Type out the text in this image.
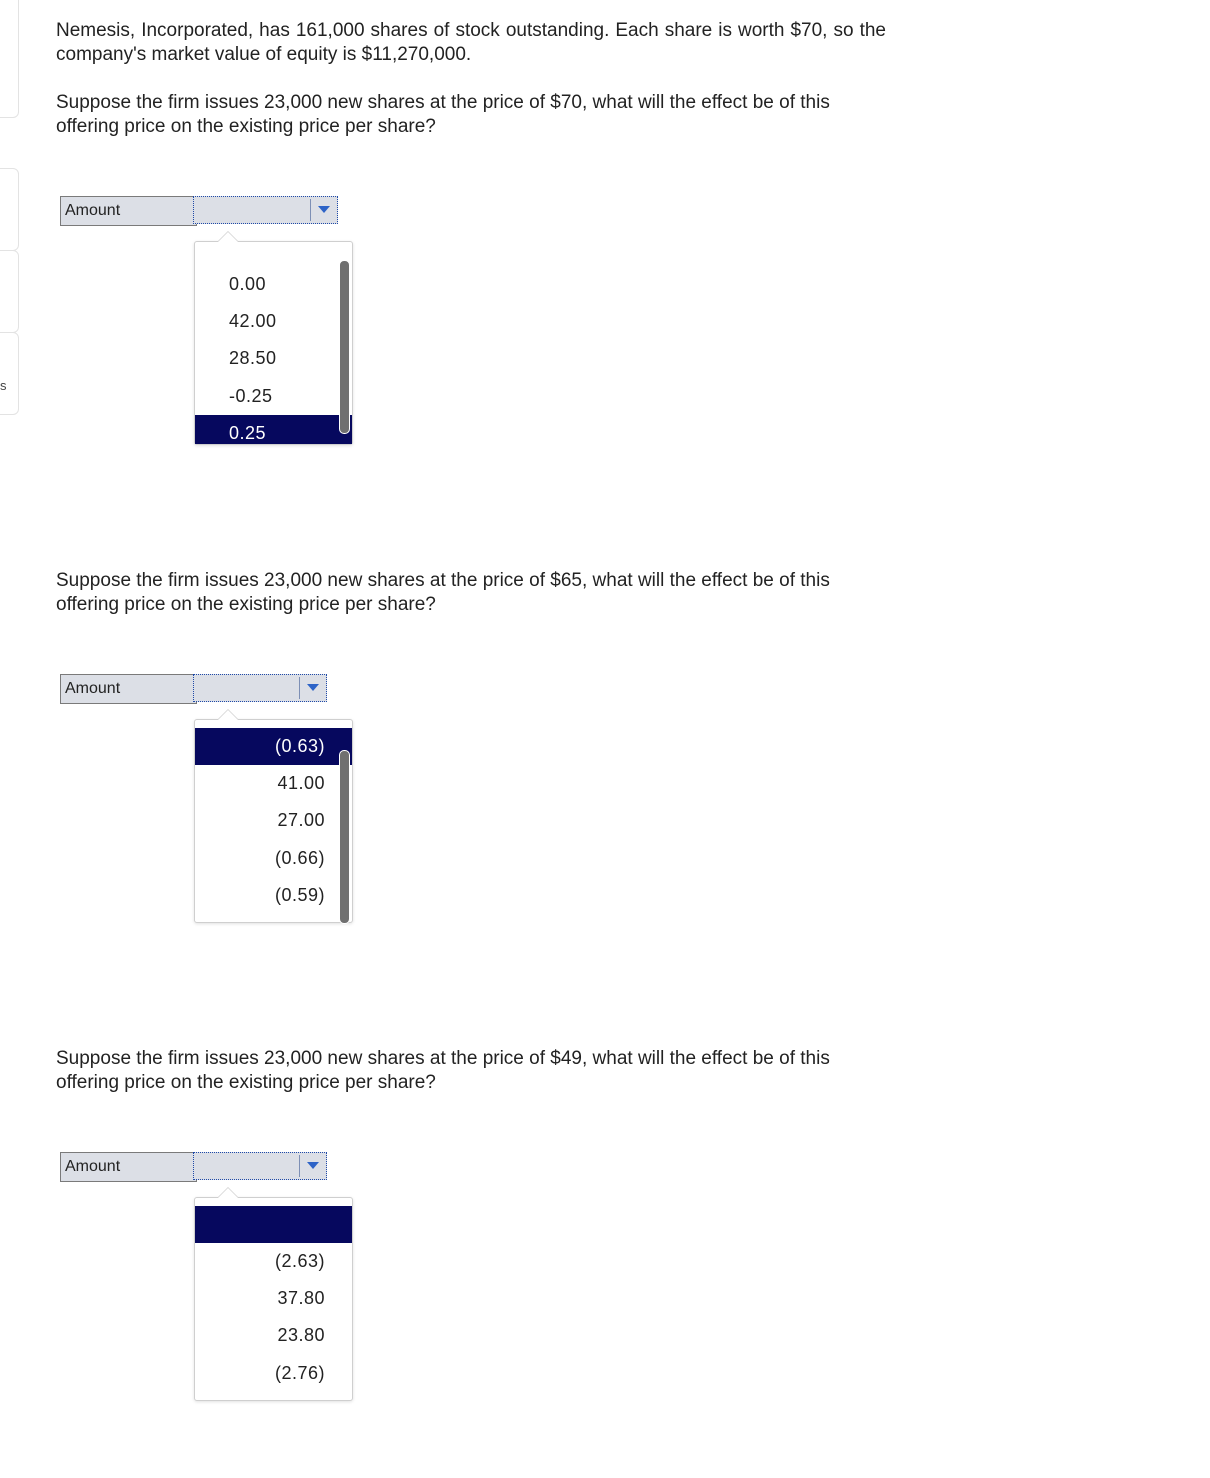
s

Nemesis, Incorporated, has 161,000 shares of stock outstanding. Each share is worth $70, so the company's market value of equity is $11,270,000.

Suppose the firm issues 23,000 new shares at the price of $70, what will the effect be of this offering price on the existing price per share?

Amount
0.00
42.00
28.50
-0.25
0.25

Suppose the firm issues 23,000 new shares at the price of $65, what will the effect be of this offering price on the existing price per share?

Amount
(0.63)
41.00
27.00
(0.66)
(0.59)

Suppose the firm issues 23,000 new shares at the price of $49, what will the effect be of this offering price on the existing price per share?

Amount
(2.63)
37.80
23.80
(2.76)
